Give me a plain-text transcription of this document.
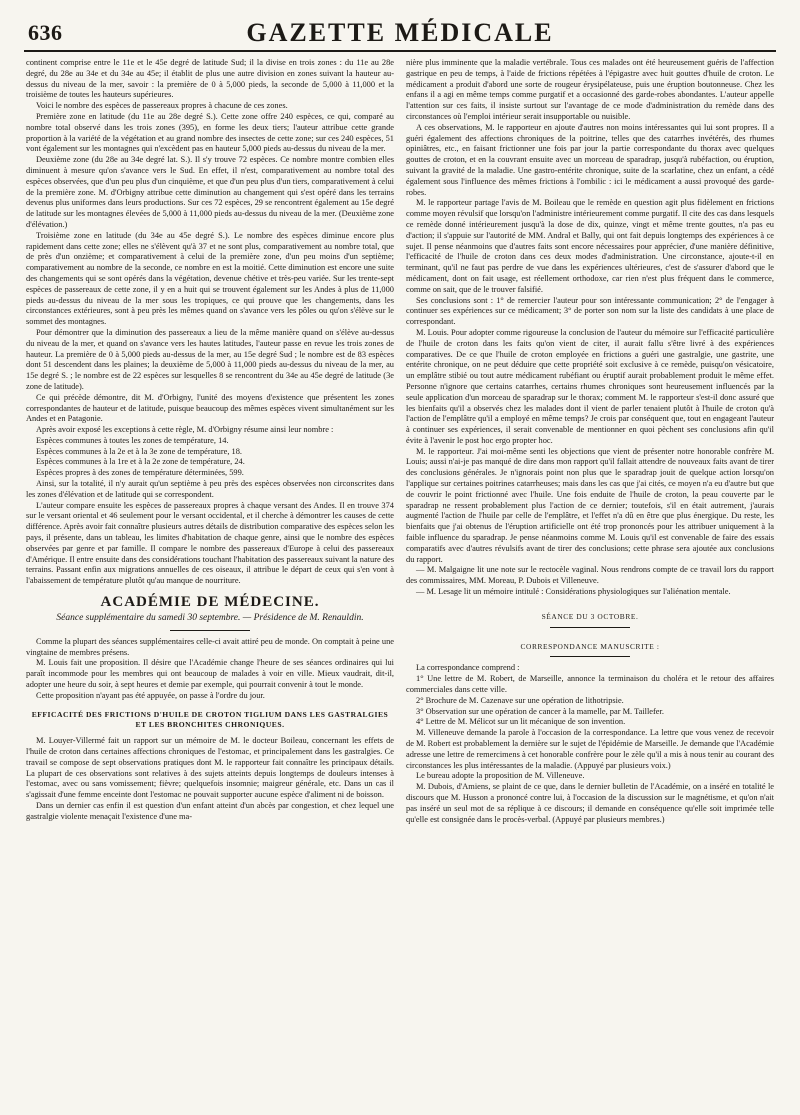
636	GAZETTE MÉDICALE

continent comprise entre le 11e et le 45e degré de latitude Sud; il la divise en trois zones : du 11e au 28e degré, du 28e au 34e et du 34e au 45e; il établit de plus une autre division en zones suivant la hauteur au-dessus du niveau de la mer, savoir : la première de 0 à 5,000 pieds, la seconde de 5,000 à 11,000 et la troisième de toutes les hauteurs supérieures.

Voici le nombre des espèces de passereaux propres à chacune de ces zones.

Première zone en latitude (du 11e au 28e degré S.). Cette zone offre 240 espèces, ce qui, comparé au nombre total observé dans les trois zones (395), en forme les deux tiers; l'auteur attribue cette grande proportion à la variété de la végétation et au grand nombre des insectes de cette zone; sur ces 240 espèces, 51 vont également sur les montagnes qui n'excèdent pas en hauteur 5,000 pieds au-dessus du niveau de la mer.

Deuxième zone (du 28e au 34e degré lat. S.). Il s'y trouve 72 espèces. Ce nombre montre combien elles diminuent à mesure qu'on s'avance vers le Sud. En effet, il n'est, comparativement au nombre total des espèces observées, que d'un peu plus d'un cinquième, et que d'un peu plus d'un tiers, comparativement à celui de la première zone. M. d'Orbigny attribue cette diminution au changement qui s'est opéré dans les terrains devenus plus uniformes dans leurs productions. Sur ces 72 espèces, 29 se rencontrent également au 15e degré de latitude sur les montagnes élevées de 5,000 à 11,000 pieds au-dessus du niveau de la mer. (Deuxième zone d'élévation.)

Troisième zone en latitude (du 34e au 45e degré S.). Le nombre des espèces diminue encore plus rapidement dans cette zone; elles ne s'élèvent qu'à 37 et ne sont plus, comparativement au nombre total, que de près d'un onzième; et comparativement à celui de la première zone, d'un peu moins d'un septième; comparativement au nombre de la seconde, ce nombre en est la moitié. Cette diminution est encore une suite des changements qui se sont opérés dans la végétation, devenue chétive et très-peu variée. Sur les trente-sept espèces de passereaux de cette zone, il y en a huit qui se trouvent également sur les Andes à plus de 11,000 pieds au-dessus du niveau de la mer sous les tropiques, ce qui prouve que les changements, dans les circonstances extérieures, sont à peu près les mêmes quand on s'avance vers les pôles ou qu'on s'élève sur le sommet des montagnes.

Pour démontrer que la diminution des passereaux a lieu de la même manière quand on s'élève au-dessus du niveau de la mer, et quand on s'avance vers les hautes latitudes, l'auteur passe en revue les trois zones de hauteur. La première de 0 à 5,000 pieds au-dessus de la mer, au 15e degré Sud ; le nombre est de 83 espèces dont 51 descendent dans les plaines; la deuxième de 5,000 à 11,000 pieds au-dessus du niveau de la mer, au 15e degré S. ; le nombre est de 22 espèces sur lesquelles 8 se rencontrent du 34e au 45e degré de latitude (3e zone de latitude).

Ce qui précède démontre, dit M. d'Orbigny, l'unité des moyens d'existence que présentent les zones correspondantes de hauteur et de latitude, puisque beaucoup des mêmes espèces vivent simultanément sur les Andes et en Patagonie.

Après avoir exposé les exceptions à cette règle, M. d'Orbigny résume ainsi leur nombre :

Espèces communes à toutes les zones de température, 14.

Espèces communes à la 2e et à la 3e zone de température, 18.

Espèces communes à la 1re et à la 2e zone de température, 24.

Espèces propres à des zones de température déterminées, 599.

Ainsi, sur la totalité, il n'y aurait qu'un septième à peu près des espèces observées non circonscrites dans les zones d'élévation et de latitude qui se correspondent.

L'auteur compare ensuite les espèces de passereaux propres à chaque versant des Andes. Il en trouve 374 sur le versant oriental et 46 seulement pour le versant occidental, et il cherche à démontrer les causes de cette différence. Après avoir fait connaître plusieurs autres détails de distribution comparative des espèces selon les pays, il présente, dans un tableau, les limites d'habitation de chaque genre, ainsi que le nombre des espèces observées par genre et par famille. Il compare le nombre des passereaux d'Europe à celui des passereaux d'Amérique. Il entre ensuite dans des considérations touchant l'habitation des passereaux suivant la nature des terrains. Passant enfin aux migrations annuelles de ces oiseaux, il attribue le départ de ceux qui s'en vont à l'abaissement de température plutôt qu'au manque de nourriture.

ACADÉMIE DE MÉDECINE.
Séance supplémentaire du samedi 30 septembre. — Présidence de M. Renauldin.

Comme la plupart des séances supplémentaires celle-ci avait attiré peu de monde. On comptait à peine une vingtaine de membres présens.

M. Louis fait une proposition. Il désire que l'Académie change l'heure de ses séances ordinaires qui lui paraît incommode pour les membres qui ont beaucoup de malades à voir en ville. Mieux vaudrait, dit-il, adopter une heure du soir, à sept heures et demie par exemple, qui pourrait convenir à tout le monde.

Cette proposition n'ayant pas été appuyée, on passe à l'ordre du jour.

EFFICACITÉ DES FRICTIONS D'HUILE DE CROTON TIGLIUM DANS LES GASTRALGIES ET LES BRONCHITES CHRONIQUES.

M. Louyer-Villermé fait un rapport sur un mémoire de M. le docteur Boileau, concernant les effets de l'huile de croton dans certaines affections chroniques de l'estomac, et principalement dans les gastralgies. Ce travail se compose de sept observations pratiques dont M. le rapporteur fait connaître les principaux détails. La plupart de ces observations sont relatives à des sujets atteints depuis longtemps de douleurs intenses à l'estomac, avec ou sans vomissement; fièvre; quelquefois insomnie; maigreur générale, etc. Dans un cas il s'agissait d'une femme enceinte dont l'estomac ne pouvait supporter aucune espèce d'aliment ni de boisson.

Dans un dernier cas enfin il est question d'un enfant atteint d'un abcès par congestion, et chez lequel une gastralgie violente menaçait l'existence d'une ma-

nière plus imminente que la maladie vertébrale. Tous ces malades ont été heureusement guéris de l'affection gastrique en peu de temps, à l'aide de frictions répétées à l'épigastre avec huit gouttes d'huile de croton. Le médicament a produit d'abord une sorte de rougeur érysipélateuse, puis une éruption boutonneuse. Chez les enfans il a agi en même temps comme purgatif et a occasionné des garde-robes abondantes. L'auteur appelle l'attention sur ces faits, il insiste surtout sur l'avantage de ce mode d'administration du remède dans des circonstances où l'emploi intérieur serait insupportable ou nuisible.

A ces observations, M. le rapporteur en ajoute d'autres non moins intéressantes qui lui sont propres. Il a guéri également des affections chroniques de la poitrine, telles que des catarrhes invétérés, des rhumes opiniâtres, etc., en faisant frictionner une fois par jour la partie correspondante du thorax avec quelques gouttes de croton, et en la couvrant ensuite avec un morceau de sparadrap, jusqu'à rubéfaction, ou éruption, suivant la gravité de la maladie. Une gastro-entérite chronique, suite de la scarlatine, chez un enfant, a cédé également sous l'influence des mêmes frictions à l'ombilic : ici le médicament a aussi provoqué des garde-robes.

M. le rapporteur partage l'avis de M. Boileau que le remède en question agit plus fidèlement en frictions comme moyen révulsif que lorsqu'on l'administre intérieurement comme purgatif. Il cite des cas dans lesquels ce remède donné intérieurement jusqu'à la dose de dix, quinze, vingt et même trente gouttes, n'a pas eu d'action; il s'appuie sur l'autorité de MM. Andral et Bally, qui ont fait depuis longtemps des expériences à ce sujet. Il pense néanmoins que d'autres faits sont encore nécessaires pour apprécier, d'une manière définitive, l'efficacité de l'huile de croton dans ces deux modes d'administration. Une circonstance, ajoute-t-il en terminant, qu'il ne faut pas perdre de vue dans les expériences ultérieures, c'est de s'assurer d'abord que le médicament, dont on fait usage, est réellement orthodoxe, car rien n'est plus fréquent dans le commerce, comme on sait, que de le trouver falsifié.

Ses conclusions sont : 1° de remercier l'auteur pour son intéressante communication; 2° de l'engager à continuer ses expériences sur ce médicament; 3° de porter son nom sur la liste des candidats à une place de correspondant.

M. Louis. Pour adopter comme rigoureuse la conclusion de l'auteur du mémoire sur l'efficacité particulière de l'huile de croton dans les faits qu'on vient de citer, il aurait fallu s'être livré à des expériences comparatives. De ce que l'huile de croton employée en frictions a guéri une gastralgie, une gastrite, une entérite chronique, on ne peut déduire que cette propriété soit exclusive à ce remède, puisqu'on vésicatoire, un emplâtre stibié ou tout autre médicament rubéfiant ou éruptif aurait probablement produit le même effet. Personne n'ignore que certains catarrhes, certains rhumes chroniques sont heureusement influencés par la seule application d'un morceau de sparadrap sur le thorax; comment M. le rapporteur s'est-il donc assuré que les bienfaits qu'il a observés chez les malades dont il vient de parler tenaient plutôt à l'huile de croton qu'à l'action de l'emplâtre qu'il a employé en même temps? Je crois par conséquent que, tout en engageant l'auteur à continuer ses expériences, il serait convenable de mentionner en quoi pèchent ses conclusions afin qu'il évite à l'avenir le post hoc ergo propter hoc.

M. le rapporteur. J'ai moi-même senti les objections que vient de présenter notre honorable confrère M. Louis; aussi n'ai-je pas manqué de dire dans mon rapport qu'il fallait attendre de nouveaux faits avant de tirer des conclusions générales. Je n'ignorais point non plus que le sparadrap jouit de quelque action lorsqu'on l'applique sur certaines poitrines catarrheuses; mais dans les cas que j'ai cités, ce moyen n'a eu d'autre but que de couvrir le point frictionné avec l'huile. Une fois enduite de l'huile de croton, la peau couverte par le sparadrap ne ressent probablement plus l'action de ce dernier; toutefois, s'il en était autrement, j'aurais augmenté l'action de l'huile par celle de l'emplâtre, et l'effet n'a dû en être que plus énergique. Du reste, les bienfaits que j'ai obtenus de l'éruption artificielle ont été trop prononcés pour les attribuer uniquement à la faible influence du sparadrap. Je pense néanmoins comme M. Louis qu'il est convenable de faire des essais comparatifs avec d'autres révulsifs avant de tirer des conclusions; cette phrase sera ajoutée aux conclusions du rapport.

— M. Malgaigne lit une note sur le rectocèle vaginal. Nous rendrons compte de ce travail lors du rapport des commissaires, MM. Moreau, P. Dubois et Villeneuve.

— M. Lesage lit un mémoire intitulé : Considérations physiologiques sur l'aliénation mentale.

SÉANCE DU 3 OCTOBRE.
CORRESPONDANCE MANUSCRITE :

La correspondance comprend :

1° Une lettre de M. Robert, de Marseille, annonce la terminaison du choléra et le retour des affaires commerciales dans cette ville.

2° Brochure de M. Cazenave sur une opération de lithotripsie.

3° Observation sur une opération de cancer à la mamelle, par M. Taillefer.

4° Lettre de M. Mélicot sur un lit mécanique de son invention.

M. Villeneuve demande la parole à l'occasion de la correspondance. La lettre que vous venez de recevoir de M. Robert est probablement la dernière sur le sujet de l'épidémie de Marseille. Je demande que l'Académie adresse une lettre de remercimens à cet honorable confrère pour le zèle qu'il a mis à nous tenir au courant des circonstances les plus intéressantes de la maladie. (Appuyé par plusieurs voix.)

Le bureau adopte la proposition de M. Villeneuve.

M. Dubois, d'Amiens, se plaint de ce que, dans le dernier bulletin de l'Académie, on a inséré en totalité le discours que M. Husson a prononcé contre lui, à l'occasion de la discussion sur le magnétisme, et qu'on n'ait pas inséré un seul mot de sa réplique à ce discours; il demande en conséquence qu'elle soit imprimée telle qu'elle est consignée dans le procès-verbal. (Appuyé par plusieurs membres.)
